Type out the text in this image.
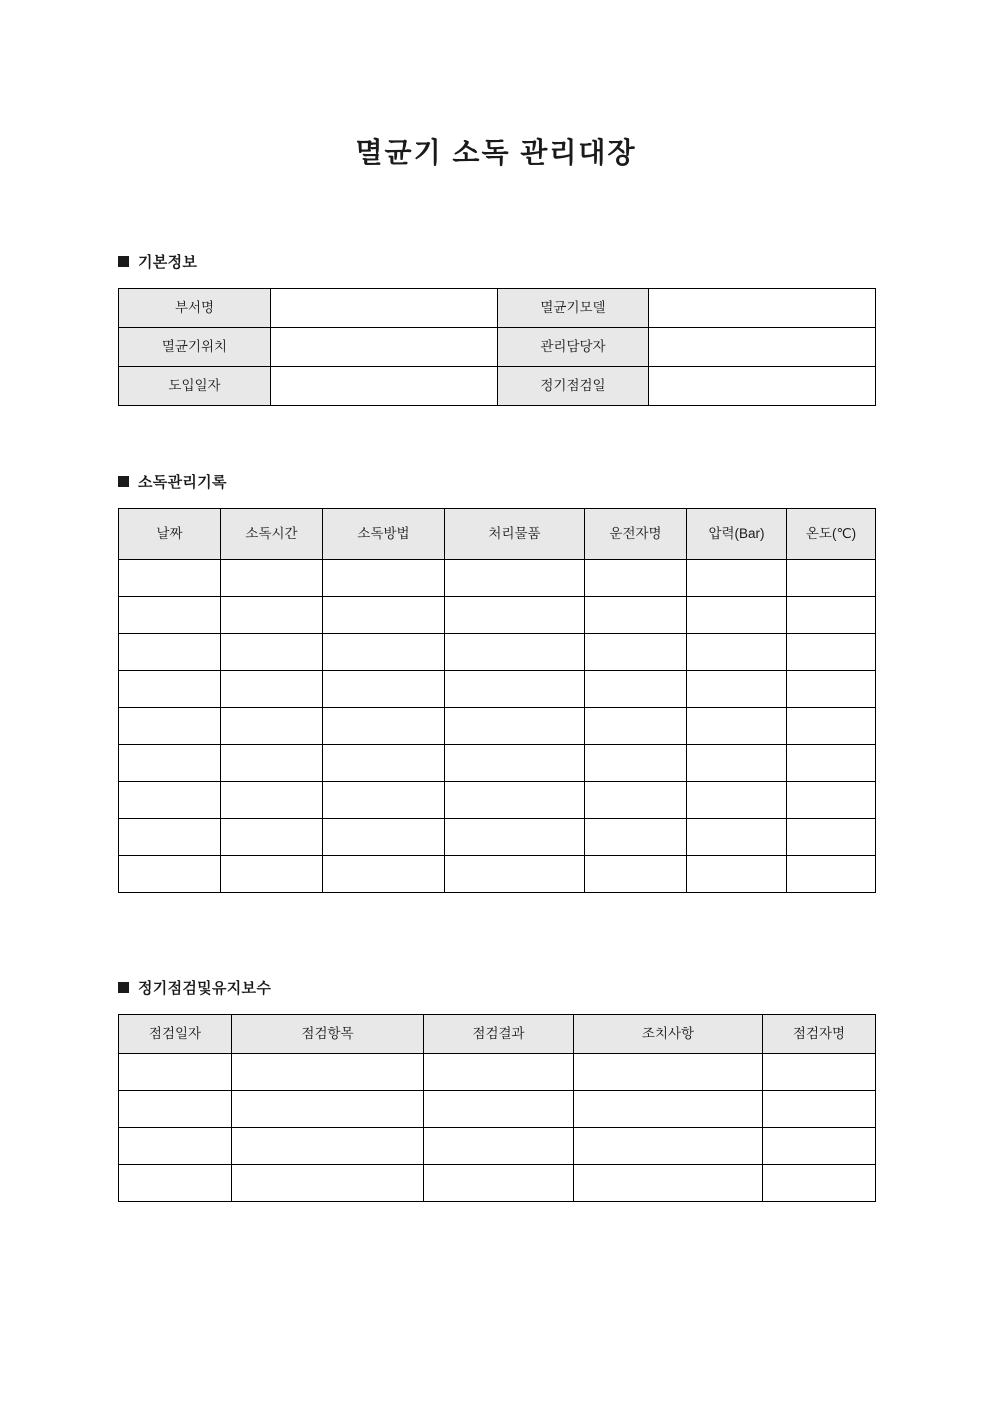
멸균기 소독 관리대장
기본정보
부서명		멸균기모델	
멸균기위치		관리담당자	
도입일자		정기점검일	
소독관리기록
날짜	소독시간	소독방법	처리물품	운전자명	압력(Bar)	온도(℃)

정기점검및유지보수
점검일자	점검항목	점검결과	조치사항	점검자명
